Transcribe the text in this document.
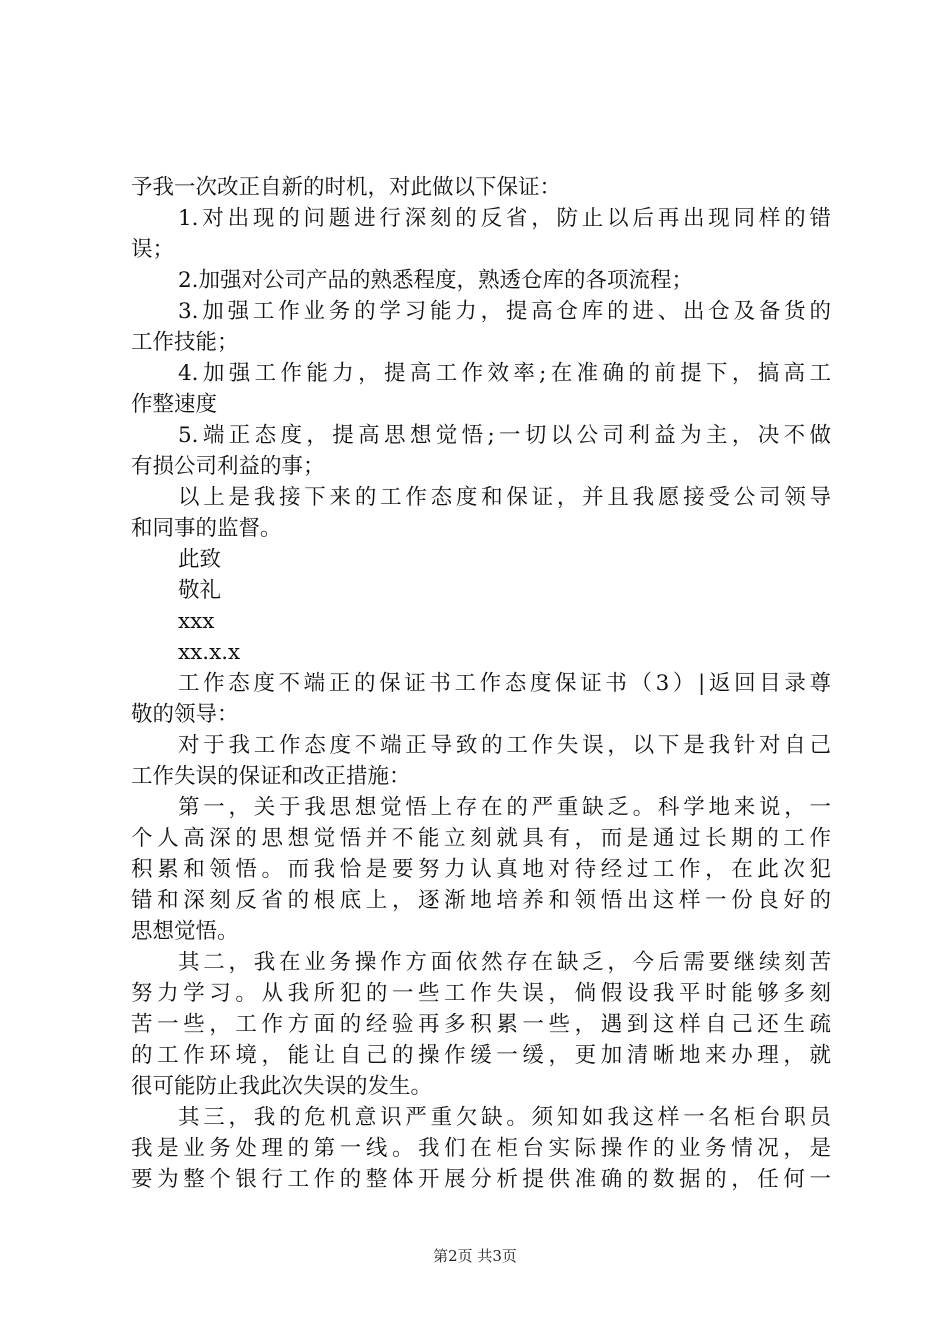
予我一次改正自新的时机，对此做以下保证：
1.对出现的问题进行深刻的反省，防止以后再出现同样的错
误；
2.加强对公司产品的熟悉程度，熟透仓库的各项流程；
3.加强工作业务的学习能力，提高仓库的进、出仓及备货的
工作技能；
4.加强工作能力，提高工作效率;在准确的前提下，搞高工
作整速度
5.端正态度，提高思想觉悟;一切以公司利益为主，决不做
有损公司利益的事；
以上是我接下来的工作态度和保证，并且我愿接受公司领导
和同事的监督。
此致
敬礼
xxx
xx.x.x
工作态度不端正的保证书工作态度保证书（3）|返回目录尊
敬的领导：
对于我工作态度不端正导致的工作失误，以下是我针对自己
工作失误的保证和改正措施：
第一，关于我思想觉悟上存在的严重缺乏。科学地来说，一
个人高深的思想觉悟并不能立刻就具有，而是通过长期的工作
积累和领悟。而我恰是要努力认真地对待经过工作，在此次犯
错和深刻反省的根底上，逐渐地培养和领悟出这样一份良好的
思想觉悟。
其二，我在业务操作方面依然存在缺乏，今后需要继续刻苦
努力学习。从我所犯的一些工作失误，倘假设我平时能够多刻
苦一些，工作方面的经验再多积累一些，遇到这样自己还生疏
的工作环境，能让自己的操作缓一缓，更加清晰地来办理，就
很可能防止我此次失误的发生。
其三，我的危机意识严重欠缺。须知如我这样一名柜台职员
我是业务处理的第一线。我们在柜台实际操作的业务情况，是
要为整个银行工作的整体开展分析提供准确的数据的，任何一
第2页 共3页
